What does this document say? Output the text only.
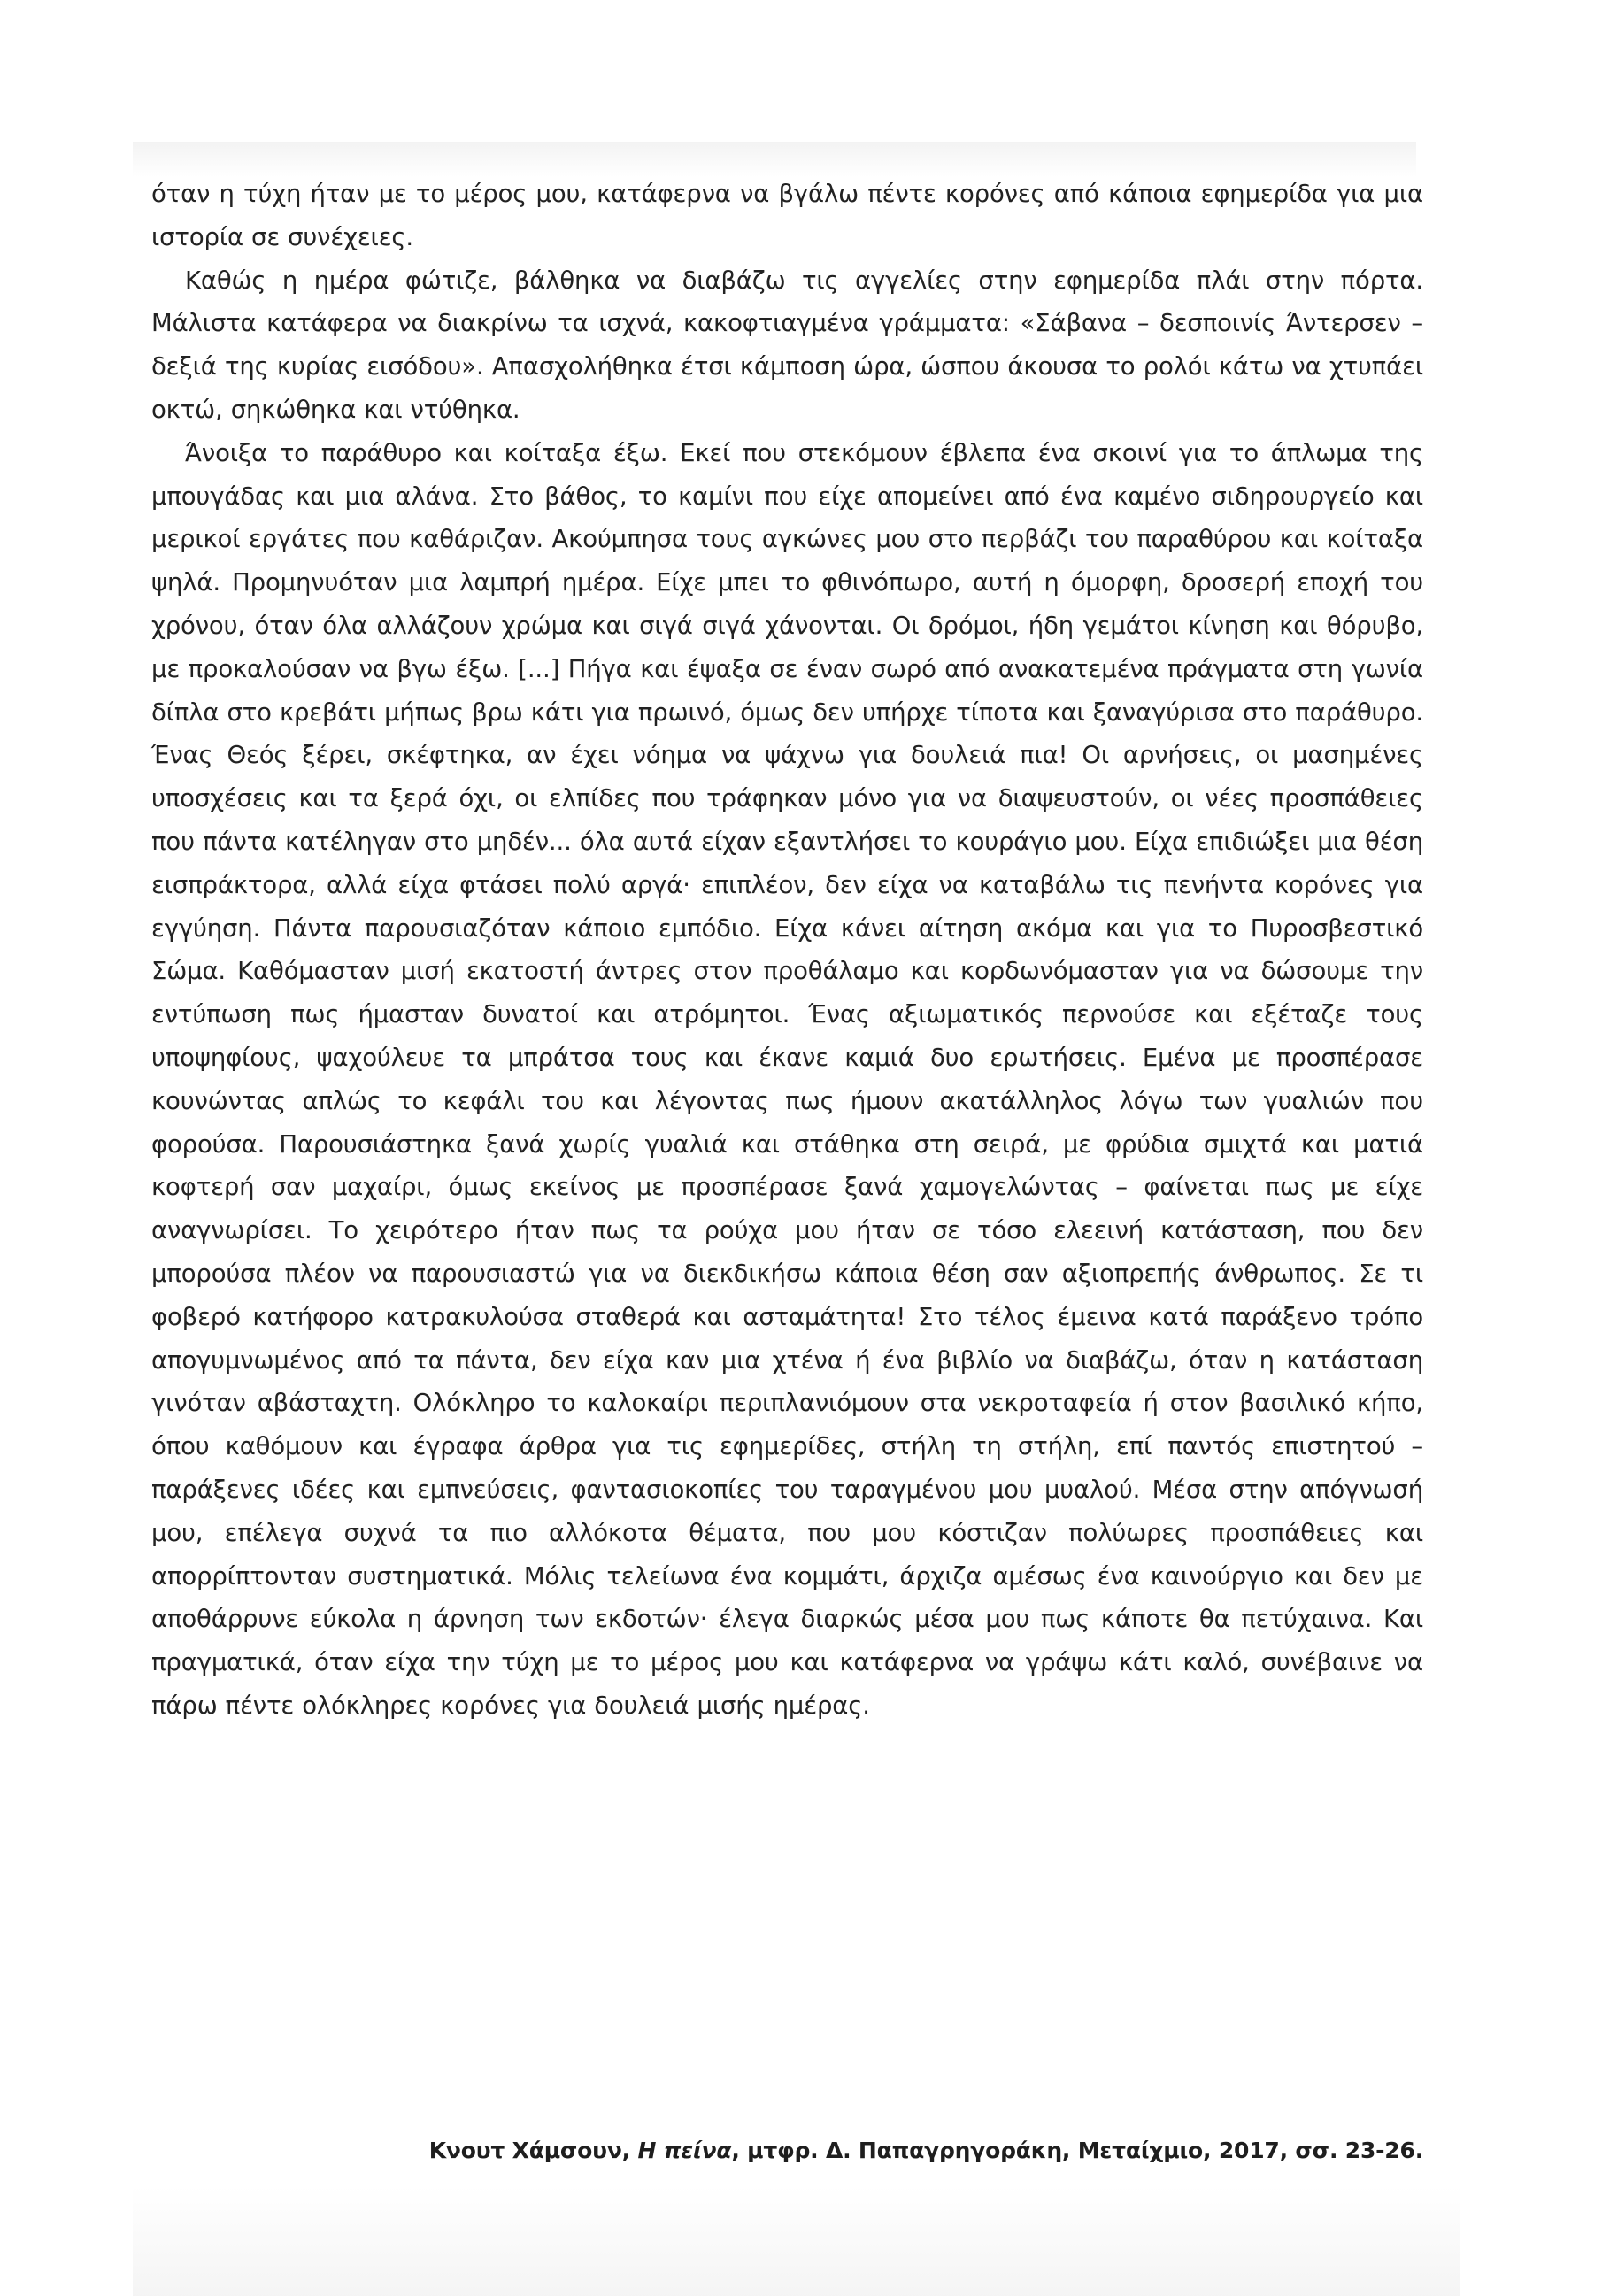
όταν η τύχη ήταν με το μέρος μου, κατάφερνα να βγάλω πέντε κορόνες από κάποια εφημερίδα για μια ιστορία σε συνέχειες.

Καθώς η ημέρα φώτιζε, βάλθηκα να διαβάζω τις αγγελίες στην εφημερίδα πλάι στην πόρτα. Μάλιστα κατάφερα να διακρίνω τα ισχνά, κακοφτιαγμένα γράμματα: «Σάβανα – δεσποινίς Άντερσεν – δεξιά της κυρίας εισόδου». Απασχολήθηκα έτσι κάμποση ώρα, ώσπου άκουσα το ρολόι κάτω να χτυπάει οκτώ, σηκώθηκα και ντύθηκα.

Άνοιξα το παράθυρο και κοίταξα έξω. Εκεί που στεκόμουν έβλεπα ένα σκοινί για το άπλωμα της μπουγάδας και μια αλάνα. Στο βάθος, το καμίνι που είχε απομείνει από ένα καμένο σιδηρουργείο και μερικοί εργάτες που καθάριζαν. Ακούμπησα τους αγκώνες μου στο περβάζι του παραθύρου και κοίταξα ψηλά. Προμηνυόταν μια λαμπρή ημέρα. Είχε μπει το φθινόπωρο, αυτή η όμορφη, δροσερή εποχή του χρόνου, όταν όλα αλλάζουν χρώμα και σιγά σιγά χάνονται. Οι δρόμοι, ήδη γεμάτοι κίνηση και θόρυβο, με προκαλούσαν να βγω έξω. [...] Πήγα και έψαξα σε έναν σωρό από ανακατεμένα πράγματα στη γωνία δίπλα στο κρεβάτι μήπως βρω κάτι για πρωινό, όμως δεν υπήρχε τίποτα και ξαναγύρισα στο παράθυρο. Ένας Θεός ξέρει, σκέφτηκα, αν έχει νόημα να ψάχνω για δουλειά πια! Οι αρνήσεις, οι μασημένες υποσχέσεις και τα ξερά όχι, οι ελπίδες που τράφηκαν μόνο για να διαψευστούν, οι νέες προσπάθειες που πάντα κατέληγαν στο μηδέν... όλα αυτά είχαν εξαντλήσει το κουράγιο μου. Είχα επιδιώξει μια θέση εισπράκτορα, αλλά είχα φτάσει πολύ αργά· επιπλέον, δεν είχα να καταβάλω τις πενήντα κορόνες για εγγύηση. Πάντα παρουσιαζόταν κάποιο εμπόδιο. Είχα κάνει αίτηση ακόμα και για το Πυροσβεστικό Σώμα. Καθόμασταν μισή εκατοστή άντρες στον προθάλαμο και κορδωνόμασταν για να δώσουμε την εντύπωση πως ήμασταν δυνατοί και ατρόμητοι. Ένας αξιωματικός περνούσε και εξέταζε τους υποψηφίους, ψαχούλευε τα μπράτσα τους και έκανε καμιά δυο ερωτήσεις. Εμένα με προσπέρασε κουνώντας απλώς το κεφάλι του και λέγοντας πως ήμουν ακατάλληλος λόγω των γυαλιών που φορούσα. Παρουσιάστηκα ξανά χωρίς γυαλιά και στάθηκα στη σειρά, με φρύδια σμιχτά και ματιά κοφτερή σαν μαχαίρι, όμως εκείνος με προσπέρασε ξανά χαμογελώντας – φαίνεται πως με είχε αναγνωρίσει. Το χειρότερο ήταν πως τα ρούχα μου ήταν σε τόσο ελεεινή κατάσταση, που δεν μπορούσα πλέον να παρουσιαστώ για να διεκδικήσω κάποια θέση σαν αξιοπρεπής άνθρωπος. Σε τι φοβερό κατήφορο κατρακυλούσα σταθερά και ασταμάτητα! Στο τέλος έμεινα κατά παράξενο τρόπο απογυμνωμένος από τα πάντα, δεν είχα καν μια χτένα ή ένα βιβλίο να διαβάζω, όταν η κατάσταση γινόταν αβάσταχτη. Ολόκληρο το καλοκαίρι περιπλανιόμουν στα νεκροταφεία ή στον βασιλικό κήπο, όπου καθόμουν και έγραφα άρθρα για τις εφημερίδες, στήλη τη στήλη, επί παντός επιστητού – παράξενες ιδέες και εμπνεύσεις, φαντασιοκοπίες του ταραγμένου μου μυαλού. Μέσα στην απόγνωσή μου, επέλεγα συχνά τα πιο αλλόκοτα θέματα, που μου κόστιζαν πολύωρες προσπάθειες και απορρίπτονταν συστηματικά. Μόλις τελείωνα ένα κομμάτι, άρχιζα αμέσως ένα καινούργιο και δεν με αποθάρρυνε εύκολα η άρνηση των εκδοτών· έλεγα διαρκώς μέσα μου πως κάποτε θα πετύχαινα. Και πραγματικά, όταν είχα την τύχη με το μέρος μου και κατάφερνα να γράψω κάτι καλό, συνέβαινε να πάρω πέντε ολόκληρες κορόνες για δουλειά μισής ημέρας.

Κνουτ Χάμσουν, Η πείνα, μτφρ. Δ. Παπαγρηγοράκη, Μεταίχμιο, 2017, σσ. 23-26.
